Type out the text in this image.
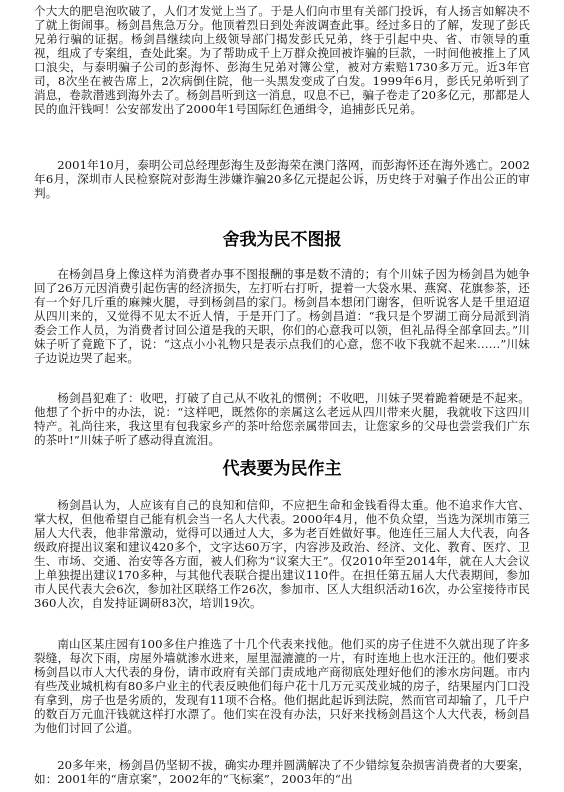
个大大的肥皂泡吹破了，人们才发觉上当了。于是人们向市里有关部门投诉，有人扬言如解决不了就上街闹事。杨剑昌焦急万分。他顶着烈日到处奔波调查此事。经过多日的了解，发现了彭氏兄弟行骗的证据。杨剑昌继续向上级领导部门揭发彭氏兄弟，终于引起中央、省、市领导的重视，组成了专案组，查处此案。为了帮助成千上万群众挽回被诈骗的巨款，一时间他被推上了风口浪尖，与泰明骗子公司的彭海怀、彭海生兄弟对簿公堂，被对方索赔1730多万元。近3年官司，8次坐在被告席上，2次病倒住院，他一头黑发变成了白发。1999年6月，彭氏兄弟听到了消息，卷款潜逃到海外去了。杨剑昌听到这一消息，叹息不已，骗子卷走了20多亿元，那都是人民的血汗钱呵！公安部发出了2000年1号国际红色通缉令，追捕彭氏兄弟。

2001年10月，泰明公司总经理彭海生及彭海荣在澳门落网，而彭海怀还在海外逃亡。2002年6月，深圳市人民检察院对彭海生涉嫌诈骗20多亿元提起公诉，历史终于对骗子作出公正的审判。

舍我为民不图报

在杨剑昌身上像这样为消费者办事不图报酬的事是数不清的；有个川妹子因为杨剑昌为她争回了26万元因消费引起伤害的经济损失，左打听右打听，提着一大袋水果、燕窝、花旗参茶，还有一个好几斤重的麻辣火腿，寻到杨剑昌的家门。杨剑昌本想闭门谢客，但听说客人是千里迢迢从四川来的，又觉得不见太不近人情，于是开门了。杨剑昌道：“我只是个罗湖工商分局派到消委会工作人员，为消费者讨回公道是我的天职，你们的心意我可以领，但礼品得全部拿回去。”川妹子听了竟跪下了，说：“这点小小礼物只是表示点我们的心意，您不收下我就不起来……”川妹子边说边哭了起来。

杨剑昌犯难了：收吧，打破了自己从不收礼的惯例；不收吧，川妹子哭着跪着硬是不起来。他想了个折中的办法，说：“这样吧，既然你的亲属这么老远从四川带来火腿，我就收下这四川特产。礼尚往来，我这里有包我家乡产的茶叶给您亲属带回去，让您家乡的父母也尝尝我们广东的茶叶!”川妹子听了感动得直流泪。

代表要为民作主

杨剑昌认为，人应该有自己的良知和信仰，不应把生命和金钱看得太重。他不追求作大官、掌大权，但他希望自己能有机会当一名人大代表。2000年4月，他不负众望，当选为深圳市第三届人大代表，他非常激动，觉得可以通过人大，多为老百姓做好事。他连任三届人大代表，向各级政府提出议案和建议420多个，文字达60万字，内容涉及政治、经济、文化、教育、医疗、卫生、市场、交通、治安等各方面，被人们称为“议案大王”。仅2010年至2014年，就在人大会议上单独提出建议170多种，与其他代表联合提出建议110件。在担任第五届人大代表期间，参加市人民代表大会6次，参加社区联络工作26次，参加市、区人大组织活动16次，办公室接待市民360人次，自发持证调研83次，培训19次。

南山区某庄园有100多住户推选了十几个代表来找他。他们买的房子住进不久就出现了许多裂缝，每次下雨，房屋外墙就渗水进来，屋里湿漉漉的一片，有时连地上也水汪汪的。他们要求杨剑昌以市人大代表的身份，请市政府有关部门责成地产商彻底处理好他们的渗水房问题。市内有些茂业城机构有80多户业主的代表反映他们每户花十几万元买茂业城的房子，结果屋内门口没有拿到，房子也是劣质的，发现有11项不合格。他们据此起诉到法院，然而官司却输了，几千户的数百万元血汗钱就这样打水漂了。他们实在没有办法，只好来找杨剑昌这个人大代表，杨剑昌为他们讨回了公道。

20多年来，杨剑昌仍坚韧不拔，确实办理并圆满解决了不少错综复杂损害消费者的大要案，如：2001年的“唐京案”，2002年的“飞标案”，2003年的“出
